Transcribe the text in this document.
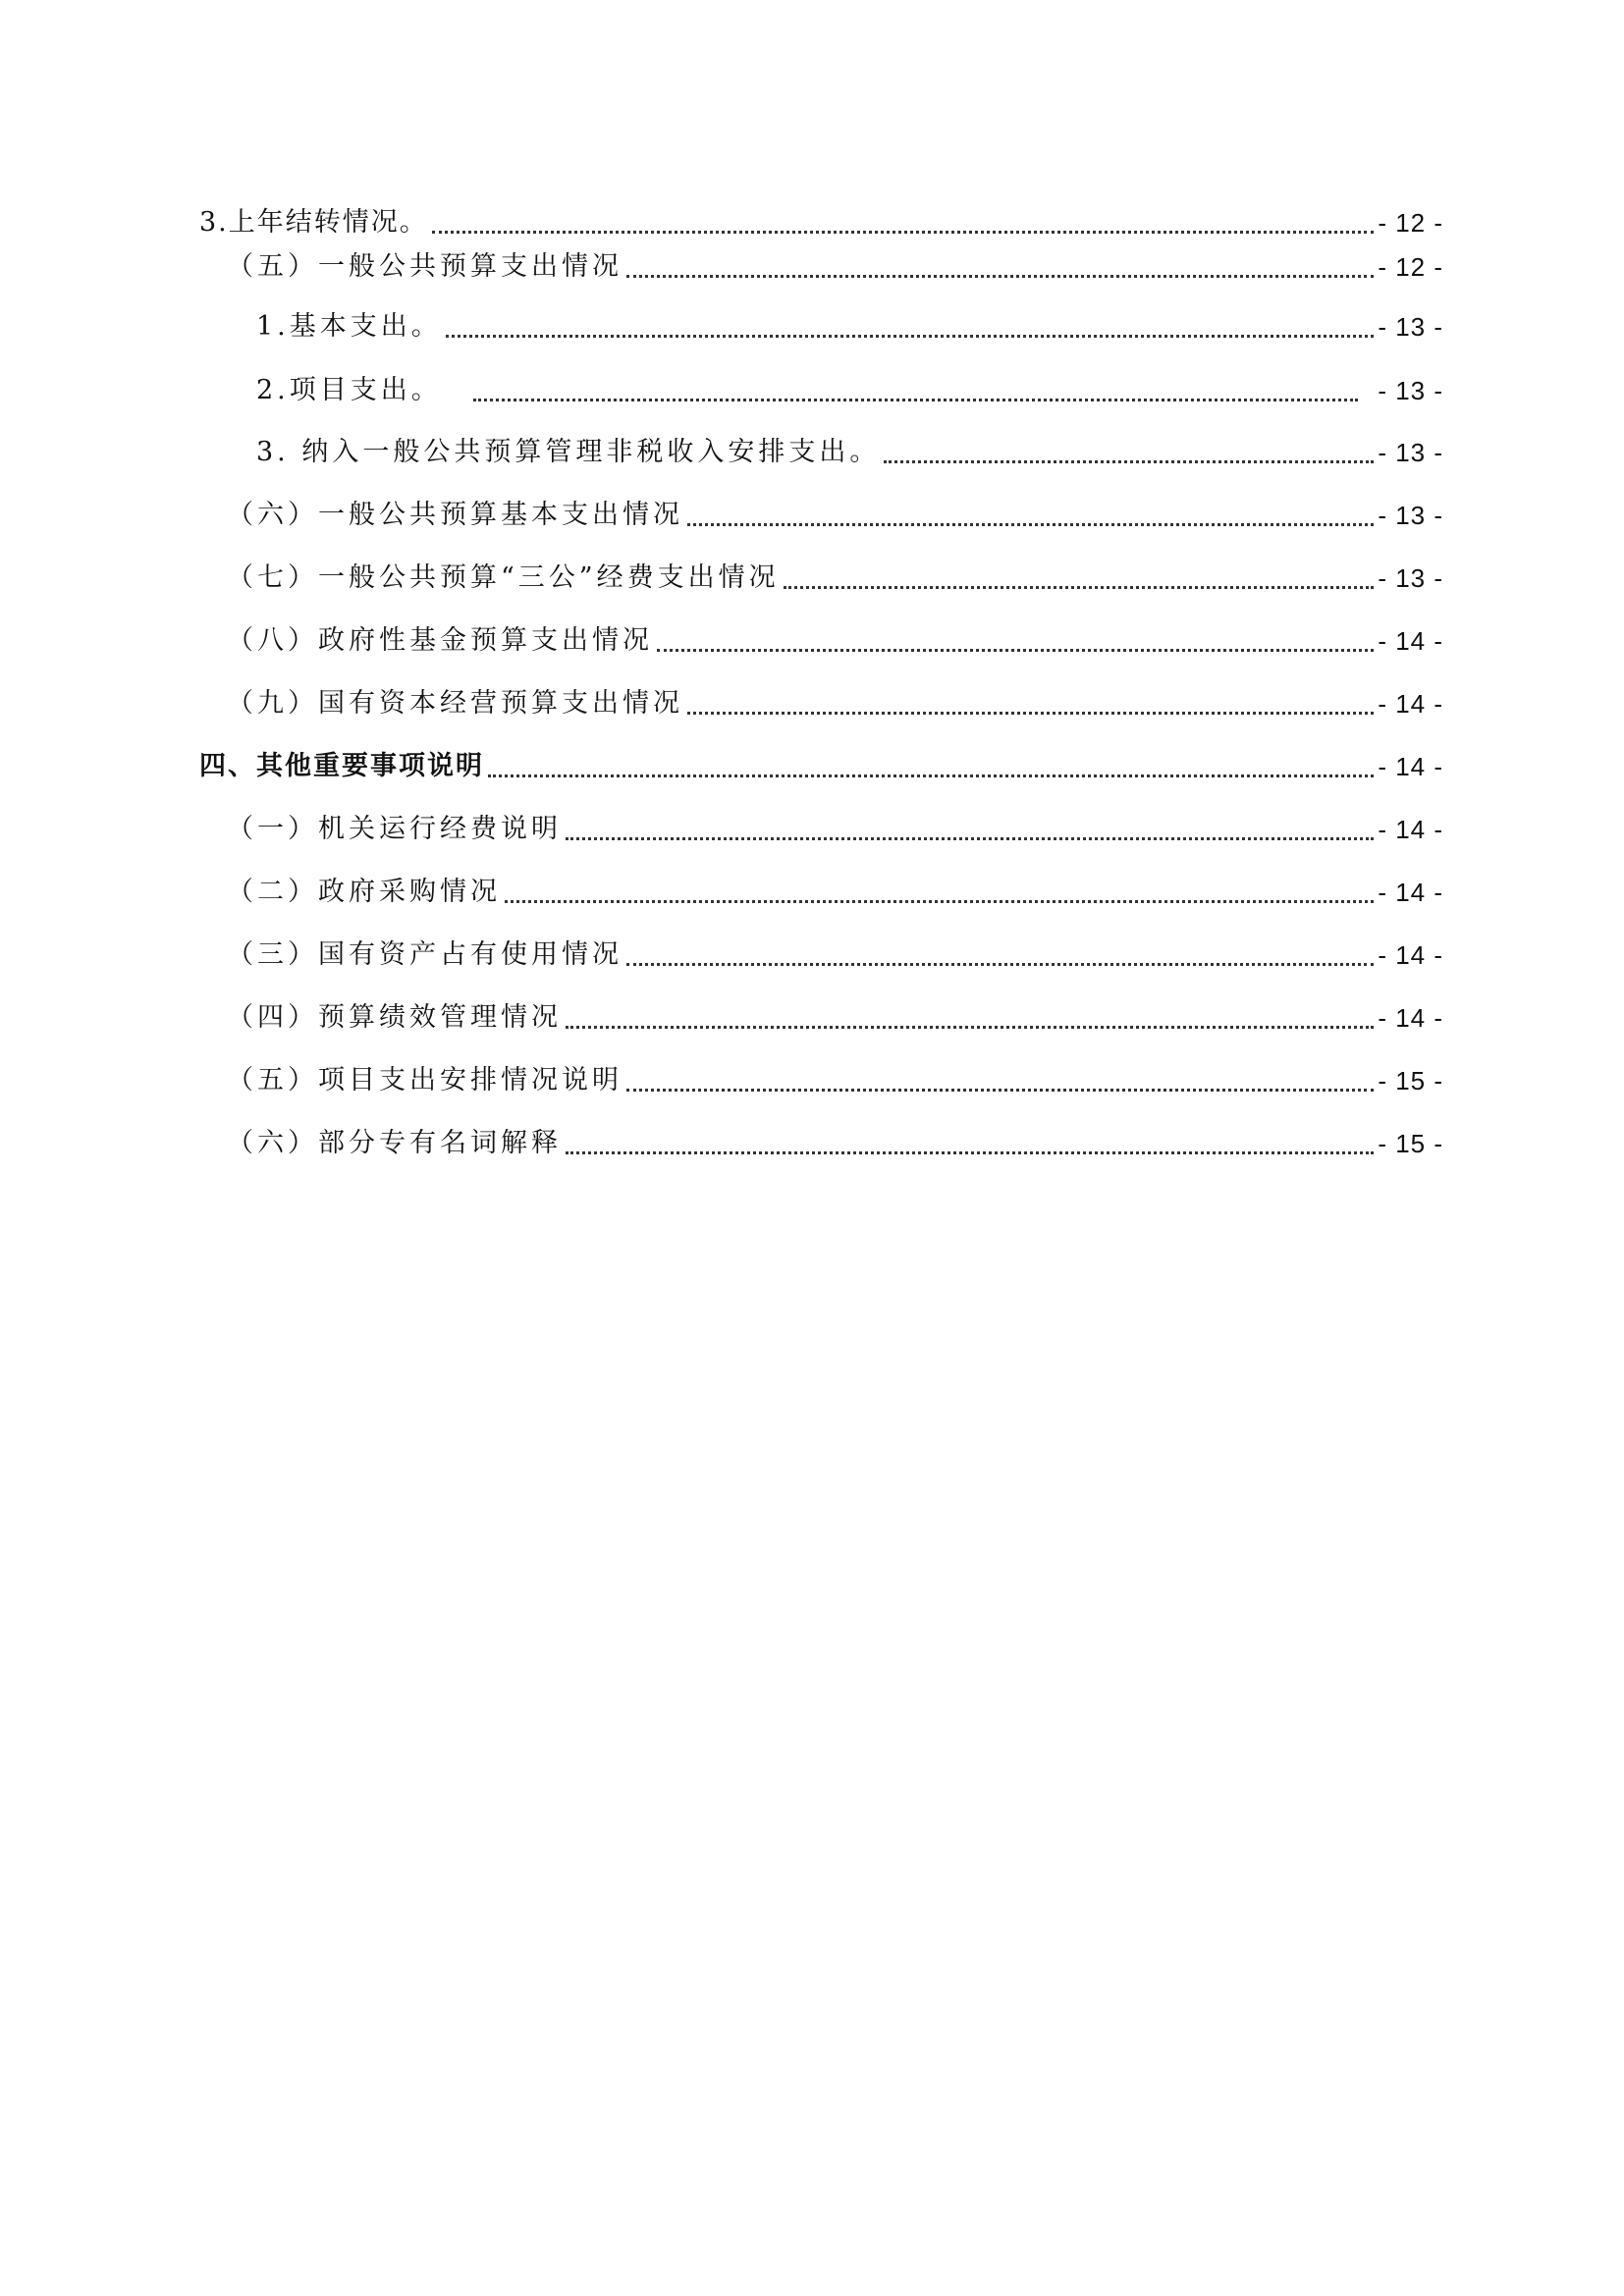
3.上年结转情况。	- 12 -
（五）一般公共预算支出情况	- 12 -
1.基本支出。	- 13 -
2.项目支出。	- 13 -
3. 纳入一般公共预算管理非税收入安排支出。	- 13 -
（六）一般公共预算基本支出情况	- 13 -
（七）一般公共预算“三公”经费支出情况	- 13 -
（八）政府性基金预算支出情况	- 14 -
（九）国有资本经营预算支出情况	- 14 -
四、其他重要事项说明	- 14 -
（一）机关运行经费说明	- 14 -
（二）政府采购情况	- 14 -
（三）国有资产占有使用情况	- 14 -
（四）预算绩效管理情况	- 14 -
（五）项目支出安排情况说明	- 15 -
（六）部分专有名词解释	- 15 -
